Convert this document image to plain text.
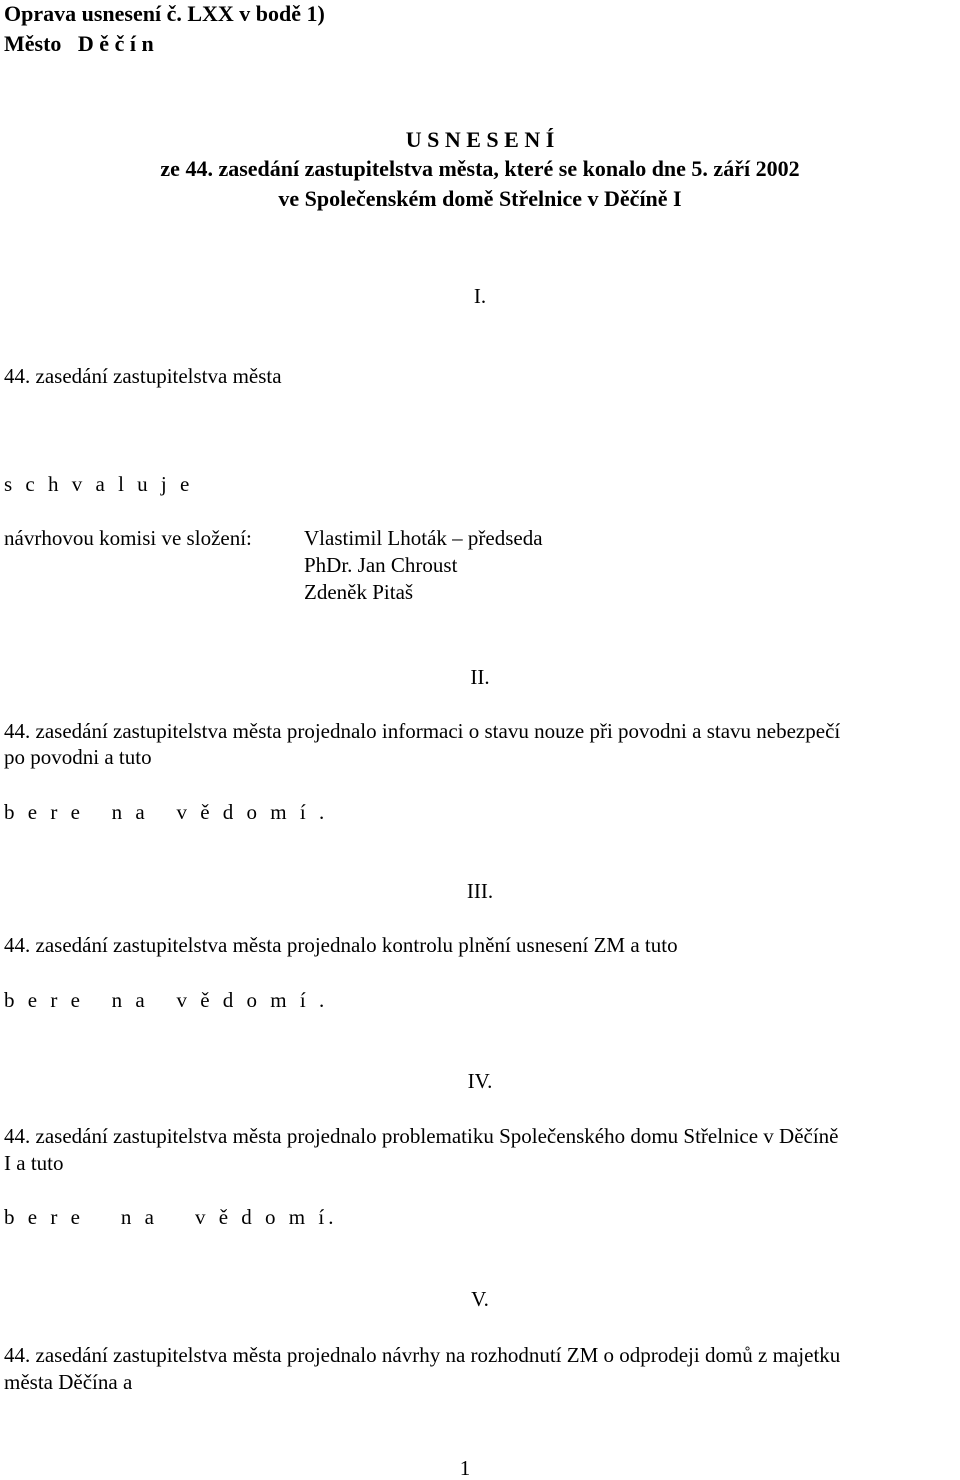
Oprava usnesení č. LXX v bodě 1)
Město   D ě č í n
U S N E S E N Í
ze 44. zasedání zastupitelstva města, které se konalo dne 5. září 2002
ve Společenském domě Střelnice v Děčíně I
I.
44. zasedání zastupitelstva města
s c h v a l u j e
návrhovou komisi ve složení: Vlastimil Lhoták – předseda
PhDr. Jan Chroust
Zdeněk Pitaš
II.
44. zasedání zastupitelstva města projednalo informaci o stavu nouze při povodni a stavu nebezpečí
po povodni a tuto
b e r e   n a   v ě d o m í .
III.
44. zasedání zastupitelstva města projednalo kontrolu plnění usnesení ZM a tuto
b e r e   n a   v ě d o m í .
IV.
44. zasedání zastupitelstva města projednalo problematiku Společenského domu Střelnice v Děčíně
I a tuto
b e r e    n a    v ě d o m í.
V.
44. zasedání zastupitelstva města projednalo návrhy na rozhodnutí ZM o odprodeji domů z majetku
města Děčína a
1
